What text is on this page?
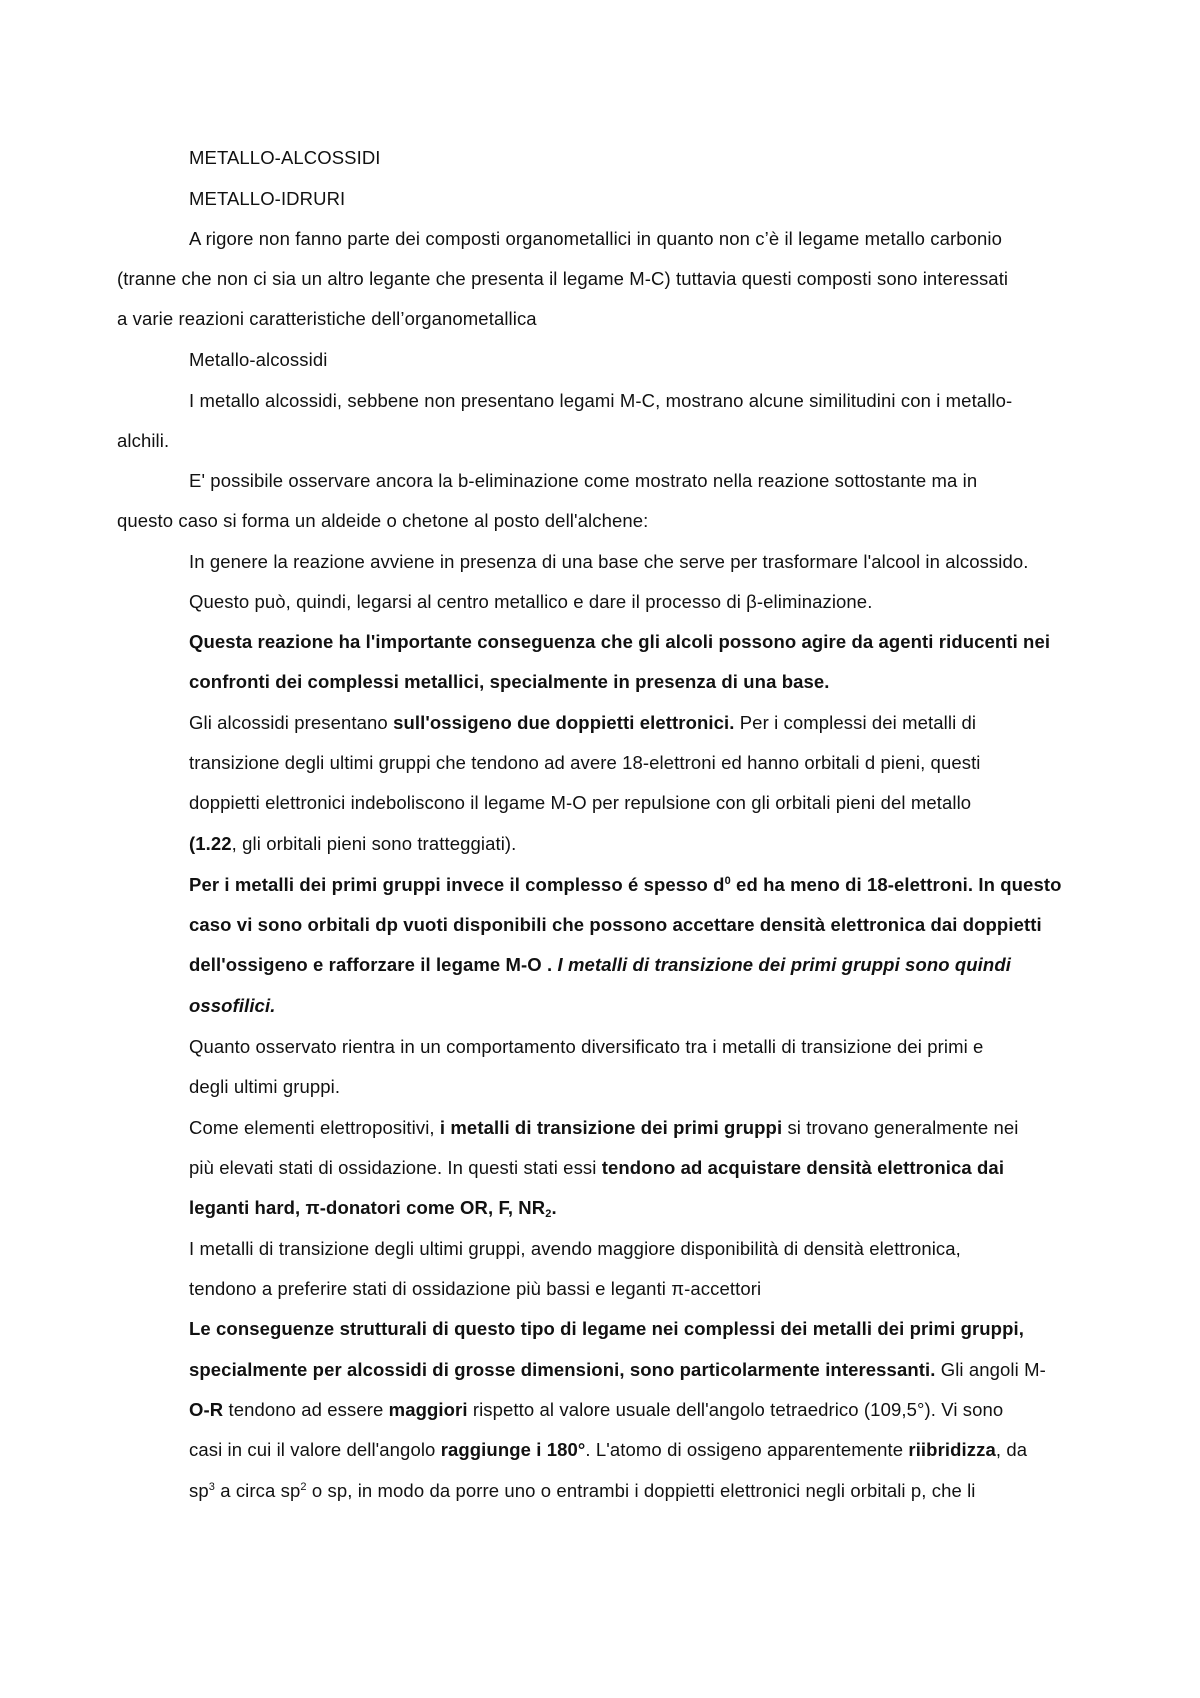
METALLO-ALCOSSIDI
METALLO-IDRURI
A rigore non fanno parte dei composti organometallici in quanto non c’è il legame metallo carbonio
(tranne che non ci sia un altro legante che presenta il legame M-C) tuttavia questi composti sono interessati
a varie reazioni caratteristiche dell’organometallica
Metallo-alcossidi
I metallo alcossidi, sebbene non presentano legami M-C, mostrano alcune similitudini con i metallo-
alchili.
E' possibile osservare ancora la b-eliminazione come mostrato nella reazione sottostante ma in
questo caso si forma un aldeide o chetone al posto dell'alchene:
In genere la reazione avviene in presenza di una base che serve per trasformare l'alcool in alcossido.
Questo può, quindi, legarsi al centro metallico e dare il processo di β-eliminazione.
Questa reazione ha l'importante conseguenza che gli alcoli possono agire da agenti riducenti nei
confronti dei complessi metallici, specialmente in presenza di una base.
Gli alcossidi presentano sull'ossigeno due doppietti elettronici. Per i complessi dei metalli di
transizione degli ultimi gruppi che tendono ad avere 18-elettroni ed hanno orbitali d pieni, questi
doppietti elettronici indeboliscono il legame M-O per repulsione con gli orbitali pieni del metallo
(1.22, gli orbitali pieni sono tratteggiati).
Per i metalli dei primi gruppi invece il complesso é spesso $d^0$ ed ha meno di 18-elettroni. In questo
caso vi sono orbitali dp vuoti disponibili che possono accettare densità elettronica dai doppietti
dell'ossigeno e rafforzare il legame M-O . I metalli di transizione dei primi gruppi sono quindi
ossofilici.
Quanto osservato rientra in un comportamento diversificato tra i metalli di transizione dei primi e
degli ultimi gruppi.
Come elementi elettropositivi, i metalli di transizione dei primi gruppi si trovano generalmente nei
più elevati stati di ossidazione. In questi stati essi tendono ad acquistare densità elettronica dai
leganti hard, π-donatori come OR, F, $NR_2$.
I metalli di transizione degli ultimi gruppi, avendo maggiore disponibilità di densità elettronica,
tendono a preferire stati di ossidazione più bassi e leganti π-accettori
Le conseguenze strutturali di questo tipo di legame nei complessi dei metalli dei primi gruppi,
specialmente per alcossidi di grosse dimensioni, sono particolarmente interessanti. Gli angoli M-
O-R tendono ad essere maggiori rispetto al valore usuale dell'angolo tetraedrico (109,5°). Vi sono
casi in cui il valore dell'angolo raggiunge i 180°. L'atomo di ossigeno apparentemente riibridizza, da
$sp^3$ a circa $sp^2$ o sp, in modo da porre uno o entrambi i doppietti elettronici negli orbitali p, che li
